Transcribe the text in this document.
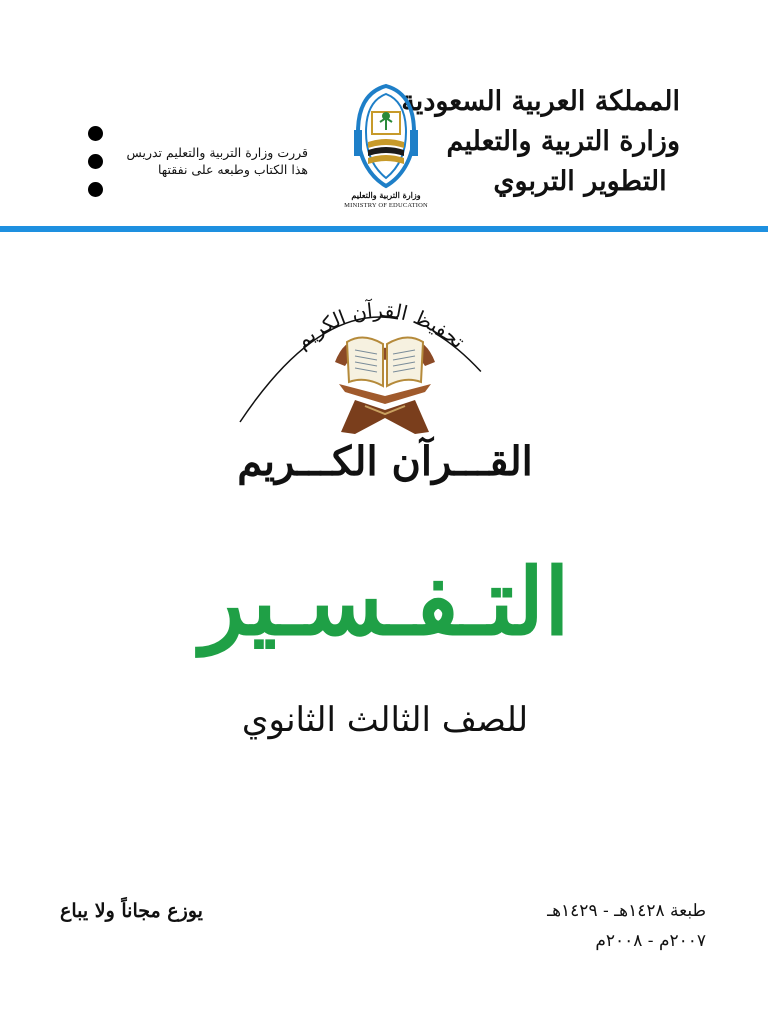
المملكة العربية السعودية
وزارة التربية والتعليم
التطوير التربوي
وزارة التربية والتعليم
MINISTRY OF EDUCATION
قررت وزارة التربية والتعليم تدريس
هذا الكتاب وطبعه على نفقتها
تحفيظ القرآن الكريم
القـــرآن الكـــريم
التـفـسـير
للصف الثالث الثانوي
طبعة ١٤٢٨هـ - ١٤٢٩هـ
٢٠٠٧م - ٢٠٠٨م
يوزع مجاناً ولا يباع
